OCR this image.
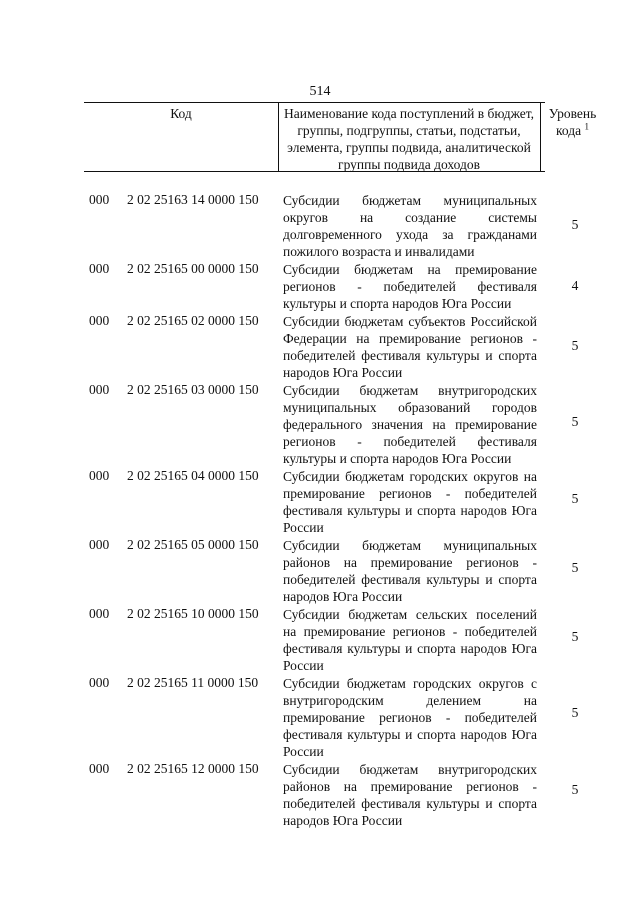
514
Код	Наименование кода поступлений в бюджет, группы, подгруппы, статьи, подстатьи, элемента, группы подвида, аналитической группы подвида доходов
Уровень
кода $^1$
000 2 02 25163 14 0000 150 Субсидии бюджетам муниципальных округов на создание системы долговременного ухода за гражданами пожилого возраста и инвалидами
5
000 2 02 25165 00 0000 150 Субсидии бюджетам на премирование регионов - победителей фестиваля культуры и спорта народов Юга России
4
000 2 02 25165 02 0000 150 Субсидии бюджетам субъектов Российской Федерации на премирование регионов - победителей фестиваля культуры и спорта народов Юга России
5
000 2 02 25165 03 0000 150 Субсидии бюджетам внутригородских муниципальных образований городов федерального значения на премирование регионов - победителей фестиваля культуры и спорта народов Юга России
5
000 2 02 25165 04 0000 150 Субсидии бюджетам городских округов на премирование регионов - победителей фестиваля культуры и спорта народов Юга России
5
000 2 02 25165 05 0000 150 Субсидии бюджетам муниципальных районов на премирование регионов - победителей фестиваля культуры и спорта народов Юга России
5
000 2 02 25165 10 0000 150 Субсидии бюджетам сельских поселений на премирование регионов - победителей фестиваля культуры и спорта народов Юга России
5
000 2 02 25165 11 0000 150 Субсидии бюджетам городских округов с внутригородским делением на премирование регионов - победителей фестиваля культуры и спорта народов Юга России
5
000 2 02 25165 12 0000 150 Субсидии бюджетам внутригородских районов на премирование регионов - победителей фестиваля культуры и спорта народов Юга России
5
